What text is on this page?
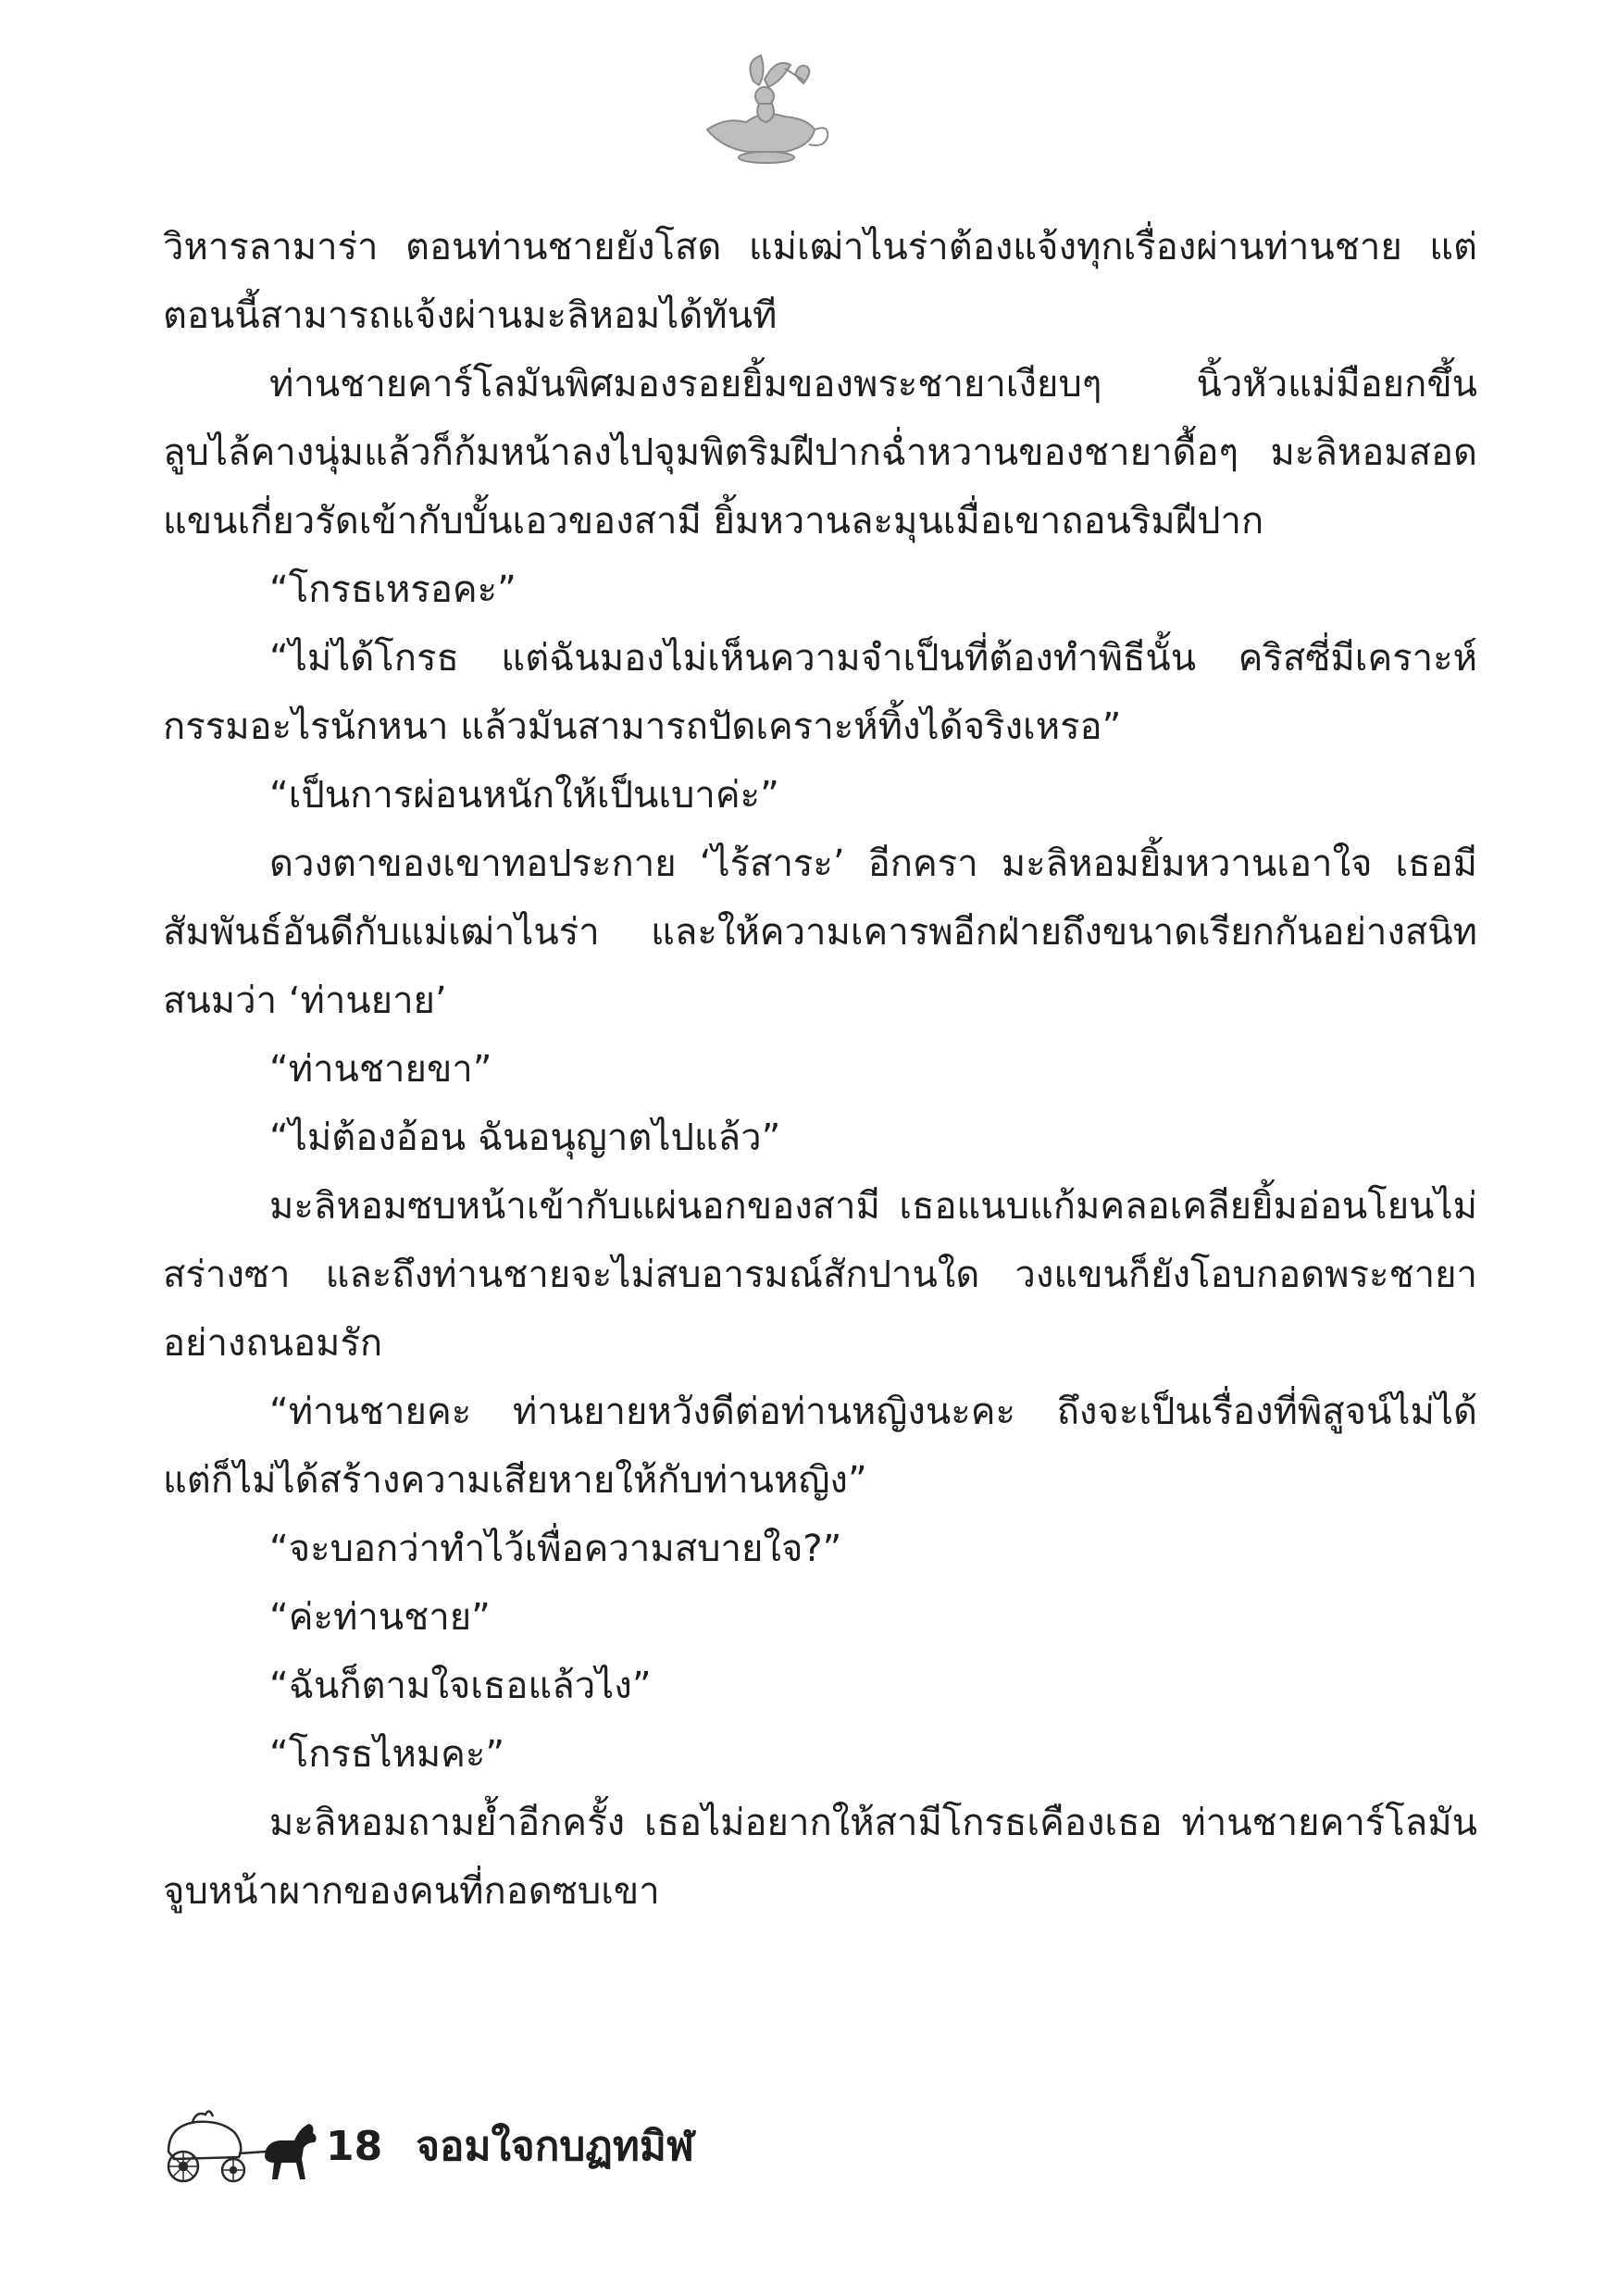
วิหารลามาร่า ตอนท่านชายยังโสด แม่เฒ่าไนร่าต้องแจ้งทุกเรื่องผ่านท่านชาย แต่ตอนนี้สามารถแจ้งผ่านมะลิหอมได้ทันที

ท่านชายคาร์โลมันพิศมองรอยยิ้มของพระชายาเงียบๆ นิ้วหัวแม่มือยกขึ้นลูบไล้คางนุ่มแล้วก็ก้มหน้าลงไปจุมพิตริมฝีปากฉ่ำหวานของชายาดื้อๆ มะลิหอมสอดแขนเกี่ยวรัดเข้ากับบั้นเอวของสามี ยิ้มหวานละมุนเมื่อเขาถอนริมฝีปาก

“โกรธเหรอคะ”

“ไม่ได้โกรธ แต่ฉันมองไม่เห็นความจำเป็นที่ต้องทำพิธีนั้น คริสซี่มีเคราะห์กรรมอะไรนักหนา แล้วมันสามารถปัดเคราะห์ทิ้งได้จริงเหรอ”

“เป็นการผ่อนหนักให้เป็นเบาค่ะ”

ดวงตาของเขาทอประกาย ‘ไร้สาระ’ อีกครา มะลิหอมยิ้มหวานเอาใจ เธอมีสัมพันธ์อันดีกับแม่เฒ่าไนร่า และให้ความเคารพอีกฝ่ายถึงขนาดเรียกกันอย่างสนิทสนมว่า ‘ท่านยาย’

“ท่านชายขา”

“ไม่ต้องอ้อน ฉันอนุญาตไปแล้ว”

มะลิหอมซบหน้าเข้ากับแผ่นอกของสามี เธอแนบแก้มคลอเคลียยิ้มอ่อนโยนไม่สร่างซา และถึงท่านชายจะไม่สบอารมณ์สักปานใด วงแขนก็ยังโอบกอดพระชายาอย่างถนอมรัก

“ท่านชายคะ ท่านยายหวังดีต่อท่านหญิงนะคะ ถึงจะเป็นเรื่องที่พิสูจน์ไม่ได้ แต่ก็ไม่ได้สร้างความเสียหายให้กับท่านหญิง”

“จะบอกว่าทำไว้เพื่อความสบายใจ?”

“ค่ะท่านชาย”

“ฉันก็ตามใจเธอแล้วไง”

“โกรธไหมคะ”

มะลิหอมถามย้ำอีกครั้ง เธอไม่อยากให้สามีโกรธเคืองเธอ ท่านชายคาร์โลมันจูบหน้าผากของคนที่กอดซบเขา

18 จอมใจกบฏทมิฬ
